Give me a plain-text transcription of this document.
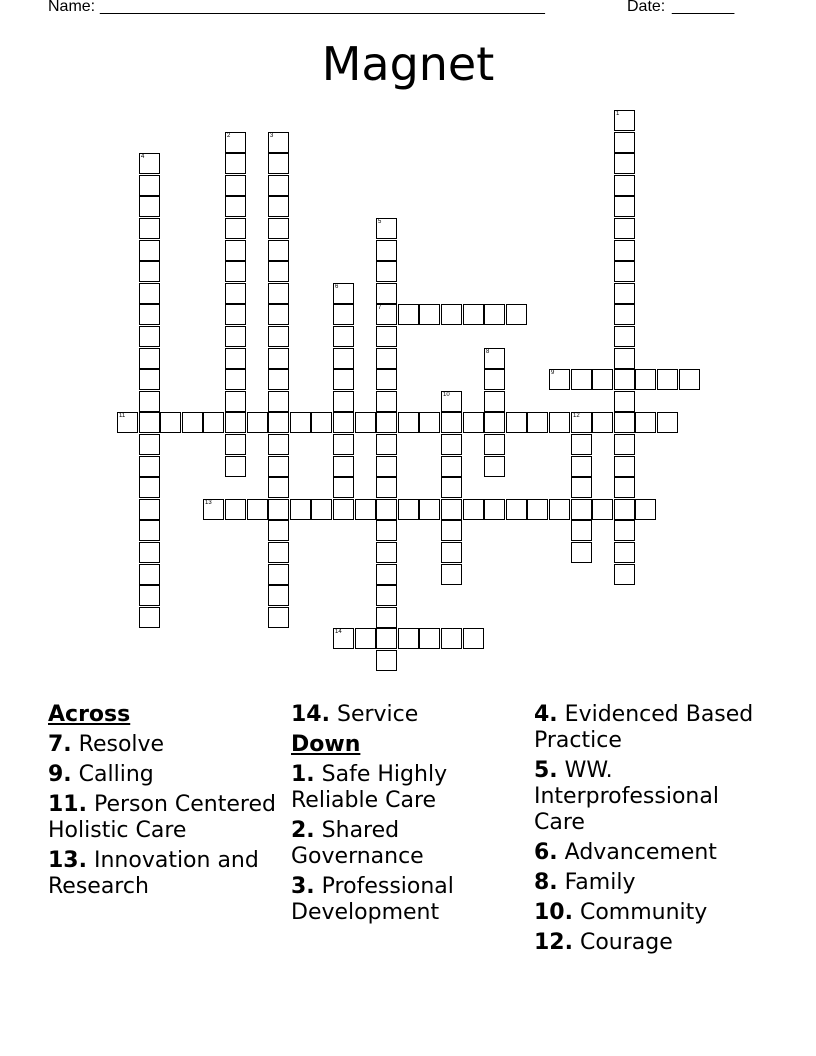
Name: __________________________________________________	Date: _______
Magnet
1
2	3
4
5
7
6
8
9
10
11	12
13
14
Across
7. Resolve
9. Calling
11. Person Centered Holistic Care
13. Innovation and Research
14. Service
Down
1. Safe Highly Reliable Care
2. Shared Governance
3. Professional Development
4. Evidenced Based Practice
5. WW. Interprofessional Care
6. Advancement
8. Family
10. Community
12. Courage
